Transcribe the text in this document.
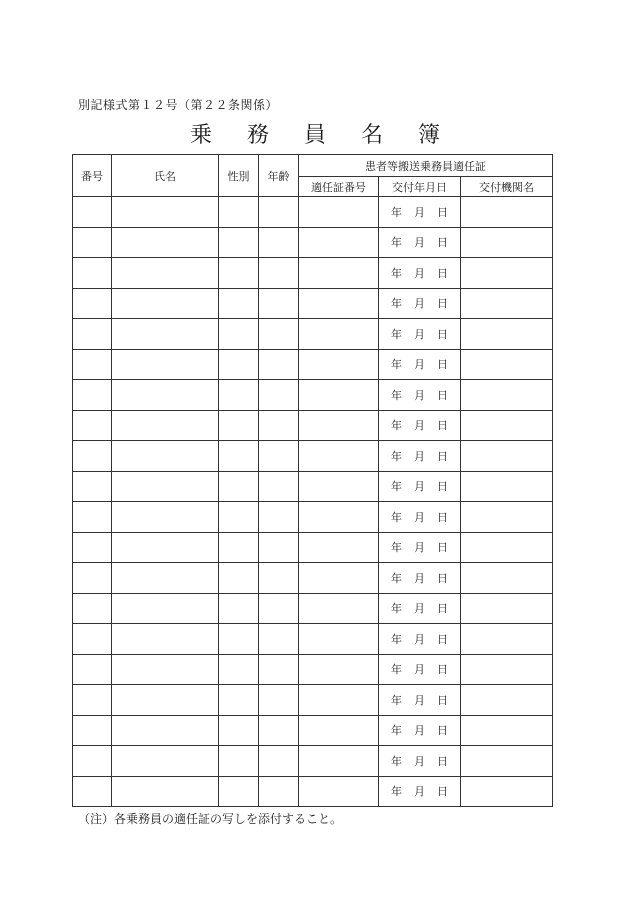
別記様式第１２号（第２２条関係）
乗 務 員 名 簿
番号	氏名	性別	年齢	患者等搬送乗務員適任証		
				適任証番号	交付年月日	交付機関名
					年 月 日	
					年 月 日	
					年 月 日	
					年 月 日	
					年 月 日	
					年 月 日	
					年 月 日	
					年 月 日	
					年 月 日	
					年 月 日	
					年 月 日	
					年 月 日	
					年 月 日	
					年 月 日	
					年 月 日	
					年 月 日	
					年 月 日	
					年 月 日	
					年 月 日	
					年 月 日	
（注）各乗務員の適任証の写しを添付すること。
